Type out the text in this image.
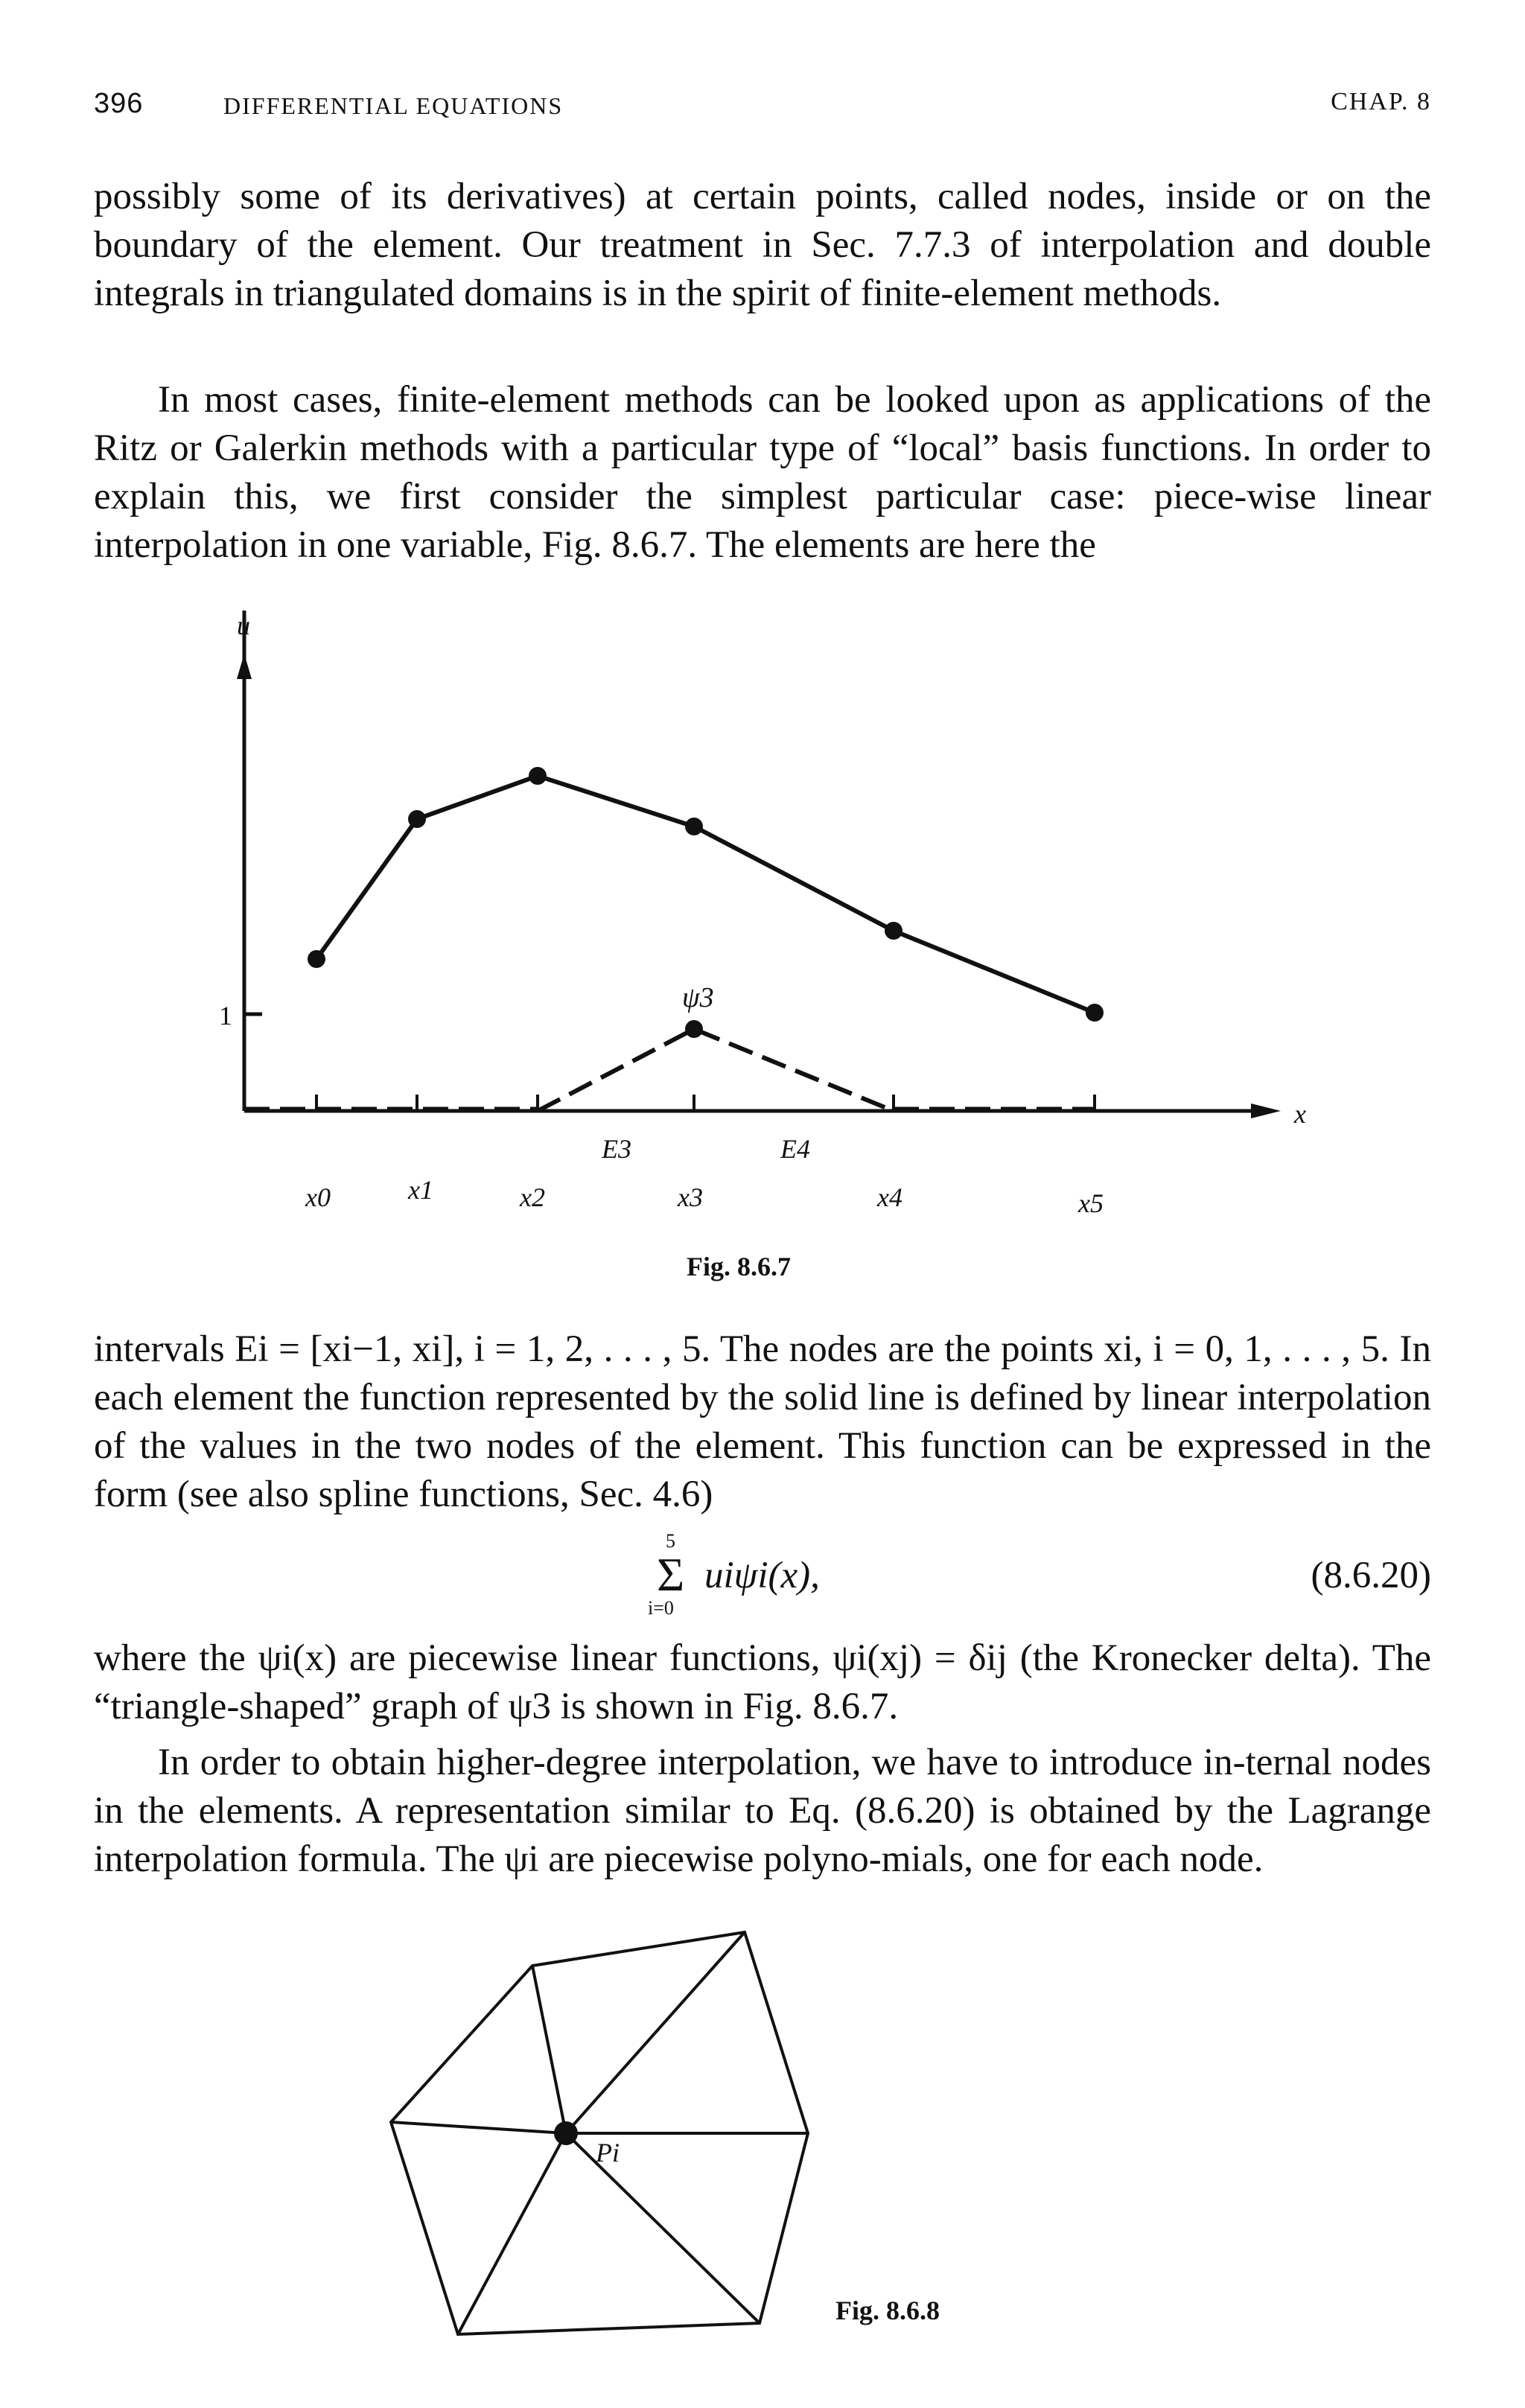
396	DIFFERENTIAL EQUATIONS	CHAP. 8

possibly some of its derivatives) at certain points, called nodes, inside or on the boundary of the element. Our treatment in Sec. 7.7.3 of interpolation and double integrals in triangulated domains is in the spirit of finite-element methods.

In most cases, finite-element methods can be looked upon as applications of the Ritz or Galerkin methods with a particular type of “local” basis functions. In order to explain this, we first consider the simplest particular case: piece-wise linear interpolation in one variable, Fig. 8.6.7. The elements are here the

u
x
1
ψ3
E3	E4
x0	x1	x2	x3	x4	x5
Fig. 8.6.7

intervals Ei = [xi−1, xi], i = 1, 2, . . . , 5. The nodes are the points xi, i = 0, 1, . . . , 5. In each element the function represented by the solid line is defined by linear interpolation of the values in the two nodes of the element. This function can be expressed in the form (see also spline functions, Sec. 4.6)

5
Σ
i=0
uiψi(x),	(8.6.20)

where the ψi(x) are piecewise linear functions, ψi(xj) = δij (the Kronecker delta). The “triangle-shaped” graph of ψ3 is shown in Fig. 8.6.7.

In order to obtain higher-degree interpolation, we have to introduce in-ternal nodes in the elements. A representation similar to Eq. (8.6.20) is obtained by the Lagrange interpolation formula. The ψi are piecewise polyno-mials, one for each node.

Pi
Fig. 8.6.8
